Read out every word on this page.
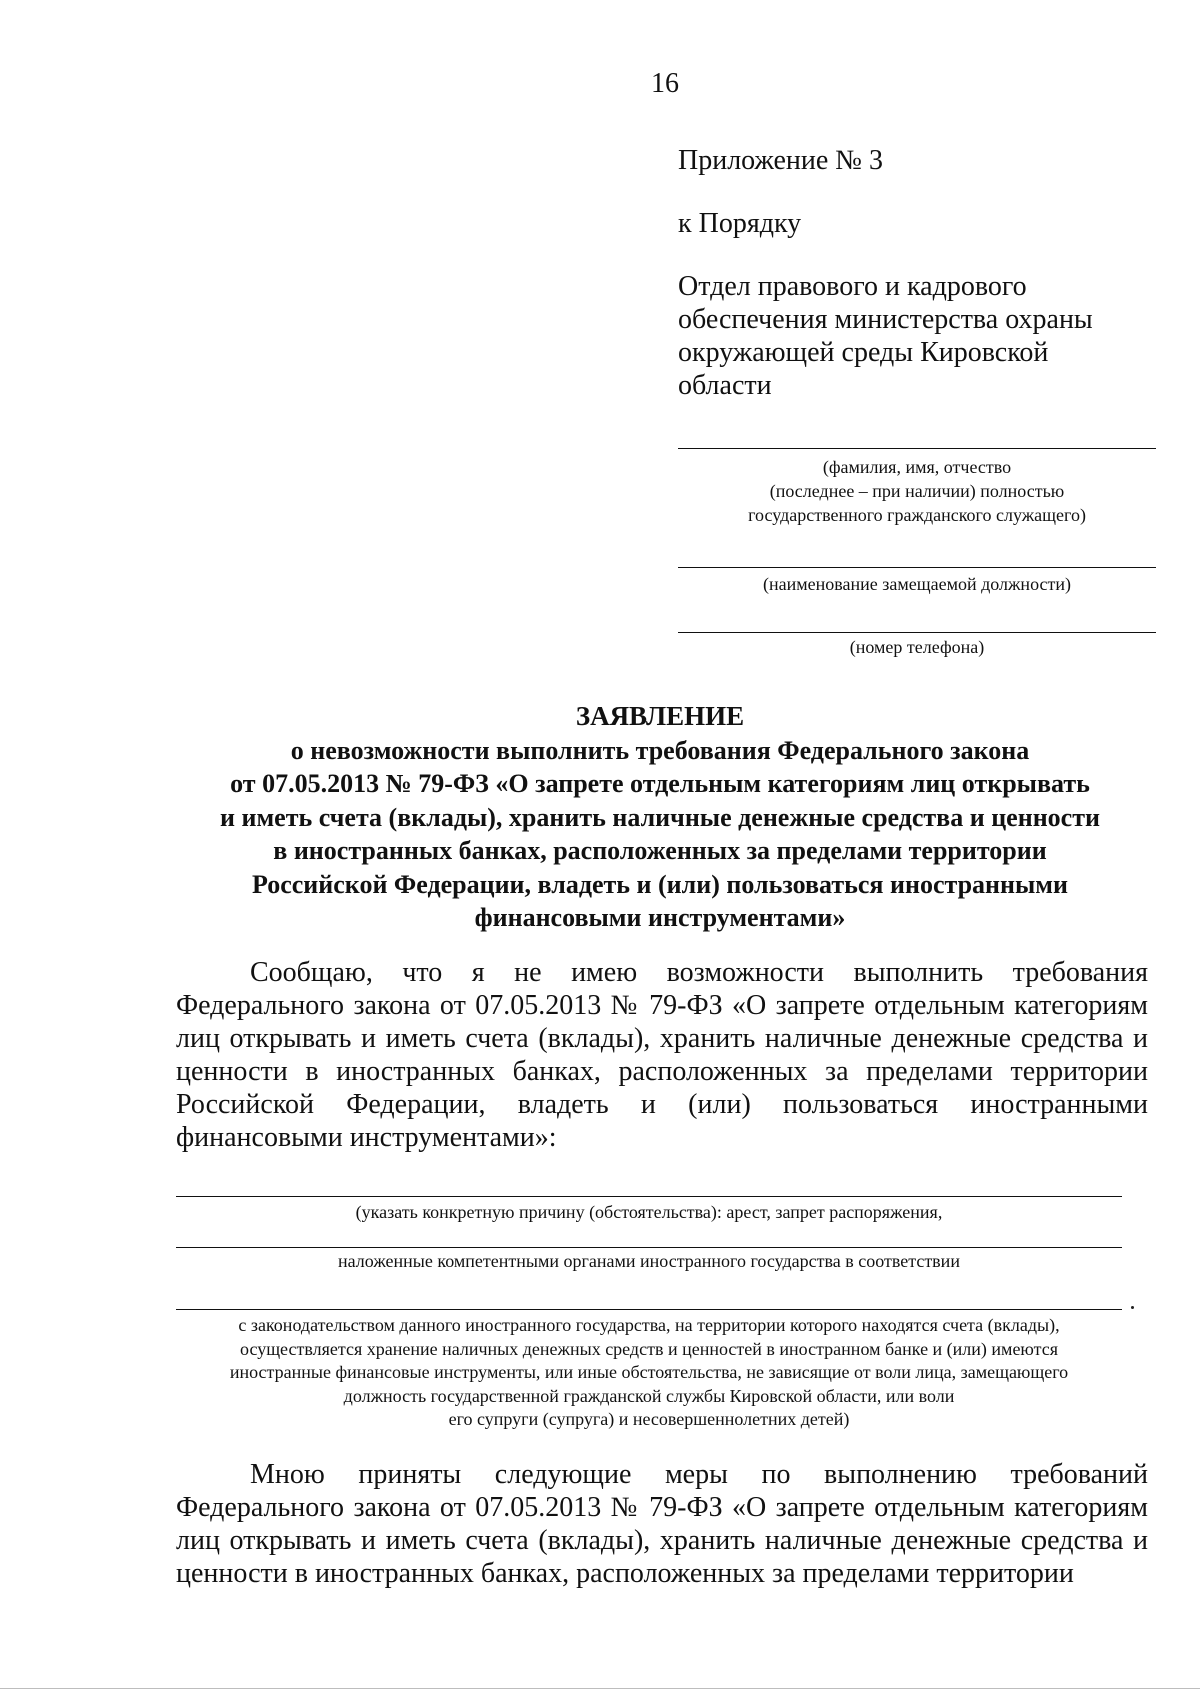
16
Приложение № 3
к Порядку
Отдел правового и кадрового
обеспечения министерства охраны
окружающей среды Кировской
области
(фамилия, имя, отчество
(последнее – при наличии) полностью
государственного гражданского служащего)
(наименование замещаемой должности)
(номер телефона)
ЗАЯВЛЕНИЕ
о невозможности выполнить требования Федерального закона
от 07.05.2013 № 79-ФЗ «О запрете отдельным категориям лиц открывать
и иметь счета (вклады), хранить наличные денежные средства и ценности
в иностранных банках, расположенных за пределами территории
Российской Федерации, владеть и (или) пользоваться иностранными
финансовыми инструментами»

Сообщаю, что я не имею возможности выполнить требования Федерального закона от 07.05.2013 № 79-ФЗ «О запрете отдельным категориям лиц открывать и иметь счета (вклады), хранить наличные денежные средства и ценности в иностранных банках, расположенных за пределами территории Российской Федерации, владеть и (или) пользоваться иностранными финансовыми инструментами»:

(указать конкретную причину (обстоятельства): арест, запрет распоряжения,
наложенные компетентными органами иностранного государства в соответствии
с законодательством данного иностранного государства, на территории которого находятся счета (вклады),
осуществляется хранение наличных денежных средств и ценностей в иностранном банке и (или) имеются
иностранные финансовые инструменты, или иные обстоятельства, не зависящие от воли лица, замещающего
должность государственной гражданской службы Кировской области, или воли
его супруги (супруга) и несовершеннолетних детей)

Мною приняты следующие меры по выполнению требований Федерального закона от 07.05.2013 № 79-ФЗ «О запрете отдельным категориям лиц открывать и иметь счета (вклады), хранить наличные денежные средства и ценности в иностранных банках, расположенных за пределами территории
